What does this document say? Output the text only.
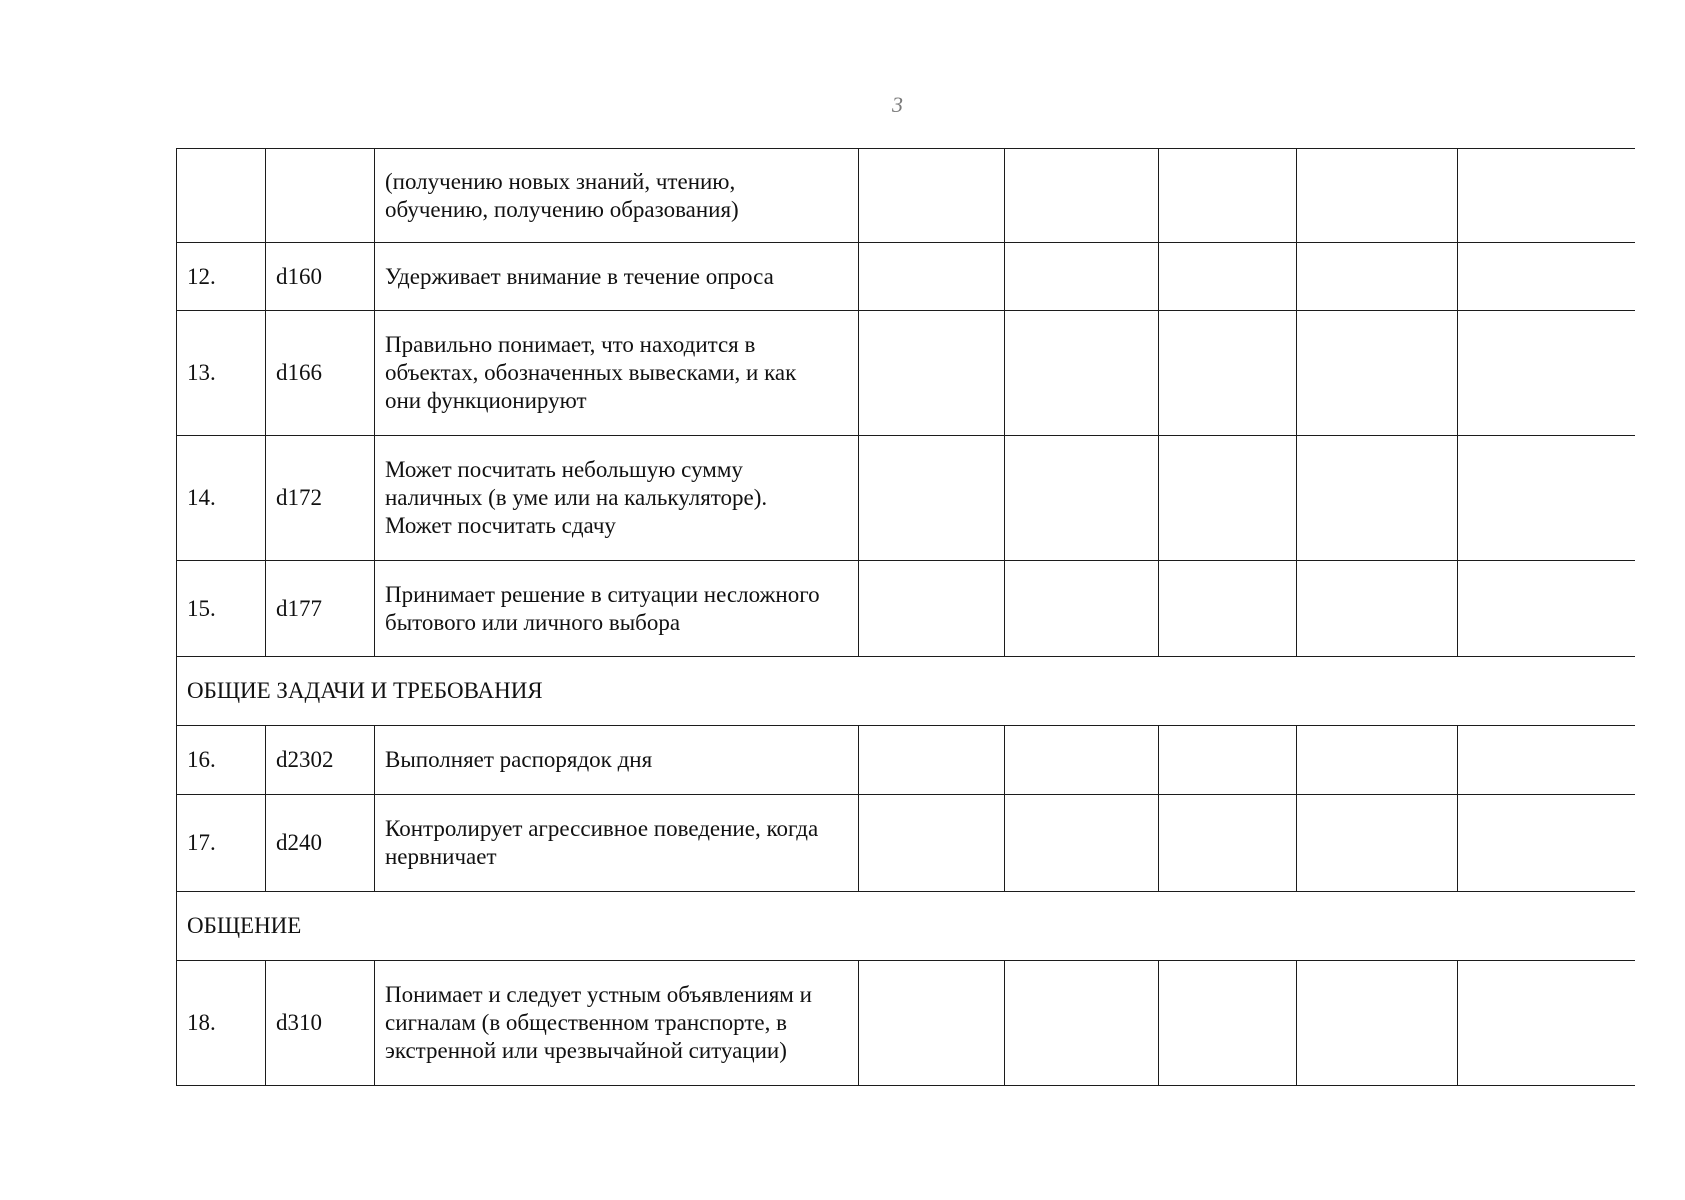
3
		(получению новых знаний, чтению,
обучению, получению образования)					
12.	d160	Удерживает внимание в течение опроса					
13.	d166	Правильно понимает, что находится в
объектах, обозначенных вывесками, и как
они функционируют					
14.	d172	Может посчитать небольшую сумму
наличных (в уме или на калькуляторе).
Может посчитать сдачу					
15.	d177	Принимает решение в ситуации несложного
бытового или личного выбора					
ОБЩИЕ ЗАДАЧИ И ТРЕБОВАНИЯ							
16.	d2302	Выполняет распорядок дня					
17.	d240	Контролирует агрессивное поведение, когда
нервничает					
ОБЩЕНИЕ							
18.	d310	Понимает и следует устным объявлениям и
сигналам (в общественном транспорте, в
экстренной или чрезвычайной ситуации)					
